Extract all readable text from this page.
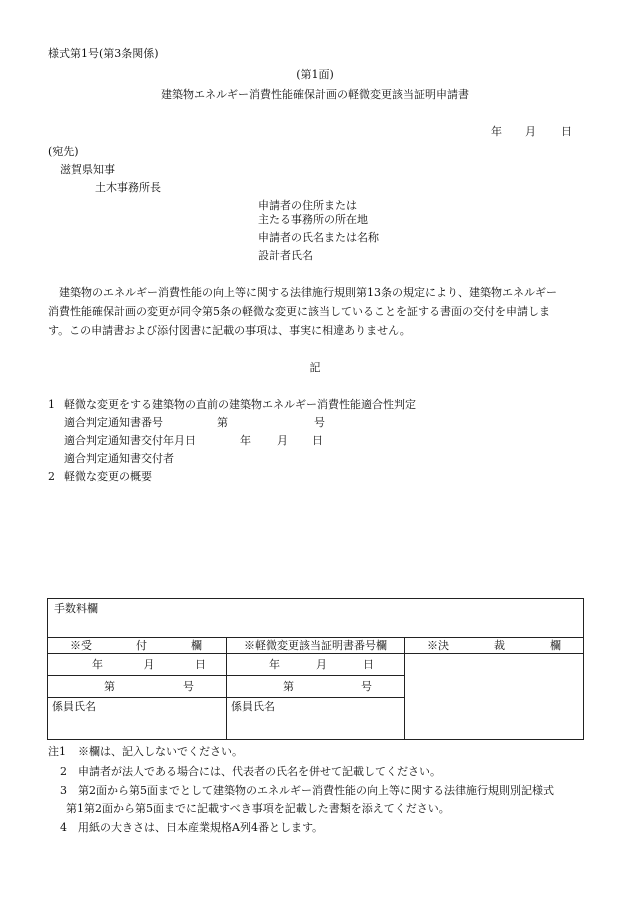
様式第1号(第3条関係)
(第1面)
建築物エネルギー消費性能確保計画の軽微変更該当証明申請書
年 月 日
(宛先)
滋賀県知事
土木事務所長
申請者の住所または
主たる事務所の所在地
申請者の氏名または名称
設計者氏名
建築物のエネルギー消費性能の向上等に関する法律施行規則第13条の規定により、建築物エネルギー
消費性能確保計画の変更が同令第5条の軽微な変更に該当していることを証する書面の交付を申請しま
す。この申請書および添付図書に記載の事項は、事実に相違ありません。
記
1 軽微な変更をする建築物の直前の建築物エネルギー消費性能適合性判定
適合判定通知書番号	第	号
適合判定通知書交付年月日	年 月 日
適合判定通知書交付者
2 軽微な変更の概要
手数料欄		

※受 付 欄	※軽微変更該当証明書番号欄	※決 裁 欄

年 月 日	年 月 日	

第 号	第 号	

係員氏名	係員氏名	
注1 ※欄は、記入しないでください。
2 申請者が法人である場合には、代表者の氏名を併せて記載してください。
3 第2面から第5面までとして建築物のエネルギー消費性能の向上等に関する法律施行規則別記様式
第1第2面から第5面までに記載すべき事項を記載した書類を添えてください。
4 用紙の大きさは、日本産業規格A列4番とします。
